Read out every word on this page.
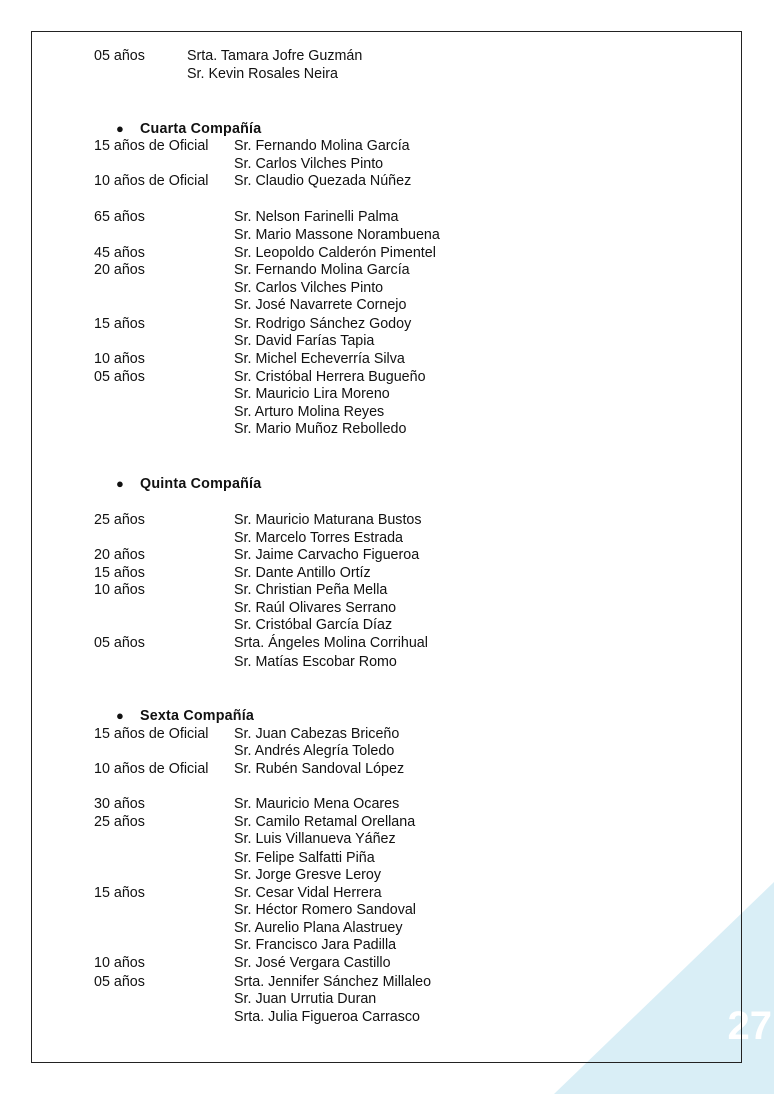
27
05 años	Srta. Tamara Jofre Guzmán
Sr. Kevin Rosales Neira
● Cuarta Compañía
15 años de Oficial Sr. Fernando Molina García
Sr. Carlos Vilches Pinto
10 años de Oficial Sr. Claudio Quezada Núñez
65 años	Sr. Nelson Farinelli Palma
Sr. Mario Massone Norambuena
45 años	Sr. Leopoldo Calderón Pimentel
20 años	Sr. Fernando Molina García
Sr. Carlos Vilches Pinto
Sr. José Navarrete Cornejo
15 años	Sr. Rodrigo Sánchez Godoy
Sr. David Farías Tapia
10 años	Sr. Michel Echeverría Silva
05 años	Sr. Cristóbal Herrera Bugueño
Sr. Mauricio Lira Moreno
Sr. Arturo Molina Reyes
Sr. Mario Muñoz Rebolledo
● Quinta Compañía
25 años	Sr. Mauricio Maturana Bustos
Sr. Marcelo Torres Estrada
20 años	Sr. Jaime Carvacho Figueroa
15 años	Sr. Dante Antillo Ortíz
10 años	Sr. Christian Peña Mella
Sr. Raúl Olivares Serrano
Sr. Cristóbal García Díaz
05 años	Srta. Ángeles Molina Corrihual
Sr. Matías Escobar Romo
● Sexta Compañía
15 años de Oficial Sr. Juan Cabezas Briceño
Sr. Andrés Alegría Toledo
10 años de Oficial Sr. Rubén Sandoval López
30 años	Sr. Mauricio Mena Ocares
25 años	Sr. Camilo Retamal Orellana
Sr. Luis Villanueva Yáñez
Sr. Felipe Salfatti Piña
Sr. Jorge Gresve Leroy
15 años	Sr. Cesar Vidal Herrera
Sr. Héctor Romero Sandoval
Sr. Aurelio Plana Alastruey
Sr. Francisco Jara Padilla
10 años	Sr. José Vergara Castillo
05 años	Srta. Jennifer Sánchez Millaleo
Sr. Juan Urrutia Duran
Srta. Julia Figueroa Carrasco
